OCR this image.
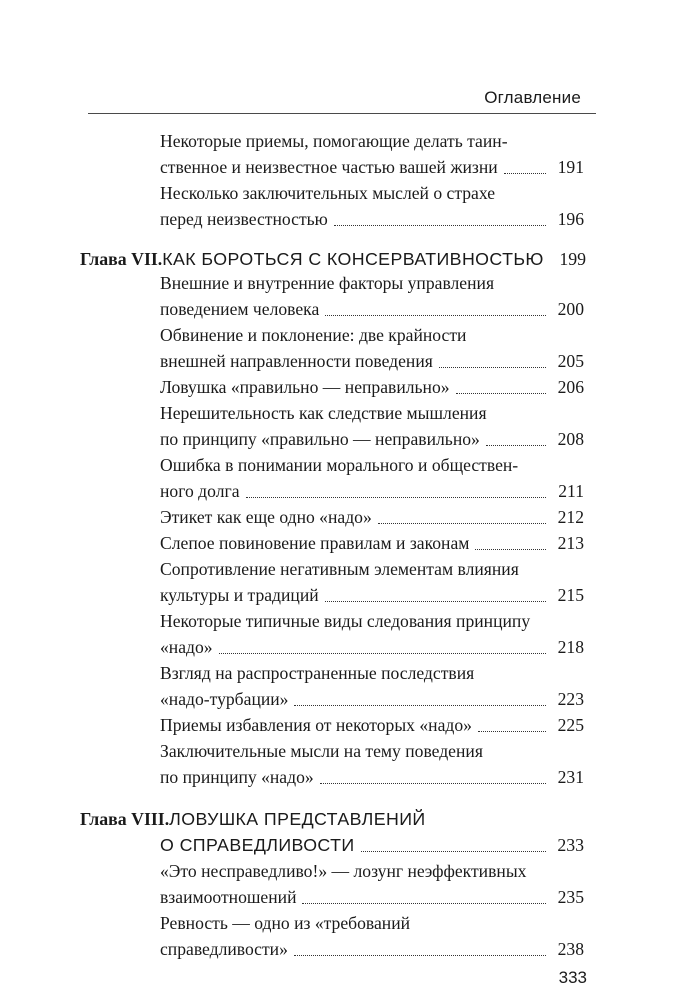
Оглавление
Некоторые приемы, помогающие делать таин-
ственное и неизвестное частью вашей жизни	191
Несколько заключительных мыслей о страхе
перед неизвестностью	196
Глава VII. КАК БОРОТЬСЯ С КОНСЕРВАТИВНОСТЬЮ 199
Внешние и внутренние факторы управления
поведением человека	200
Обвинение и поклонение: две крайности
внешней направленности поведения	205
Ловушка «правильно — неправильно»	206
Нерешительность как следствие мышления
по принципу «правильно — неправильно»	208
Ошибка в понимании морального и обществен-
ного долга	211
Этикет как еще одно «надо»	212
Слепое повиновение правилам и законам	213
Сопротивление негативным элементам влияния
культуры и традиций	215
Некоторые типичные виды следования принципу
«надо»	218
Взгляд на распространенные последствия
«надо-турбации»	223
Приемы избавления от некоторых «надо»	225
Заключительные мысли на тему поведения
по принципу «надо»	231
Глава VIII. ЛОВУШКА ПРЕДСТАВЛЕНИЙ
О СПРАВЕДЛИВОСТИ	233
«Это несправедливо!» — лозунг неэффективных
взаимоотношений	235
Ревность — одно из «требований
справедливости»	238
333
